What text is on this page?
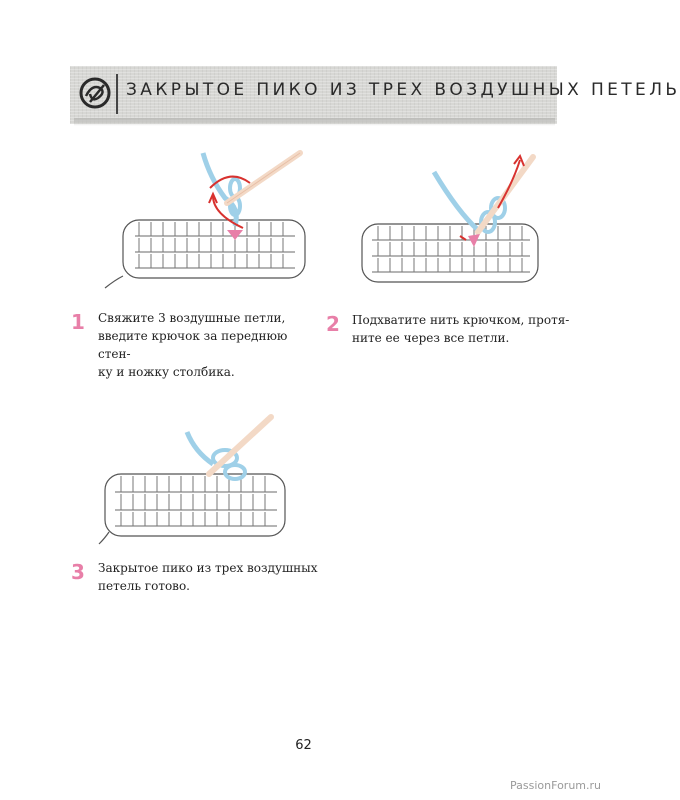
ЗАКРЫТОЕ ПИКО ИЗ ТРЕХ ВОЗДУШНЫХ ПЕТЕЛЬ
1 Свяжите 3 воздушные петли,
введите крючок за переднюю стен-
ку и ножку столбика.
2 Подхватите нить крючком, протя-
ните ее через все петли.
3 Закрытое пико из трех воздушных
петель готово.
62
PassionForum.ru
